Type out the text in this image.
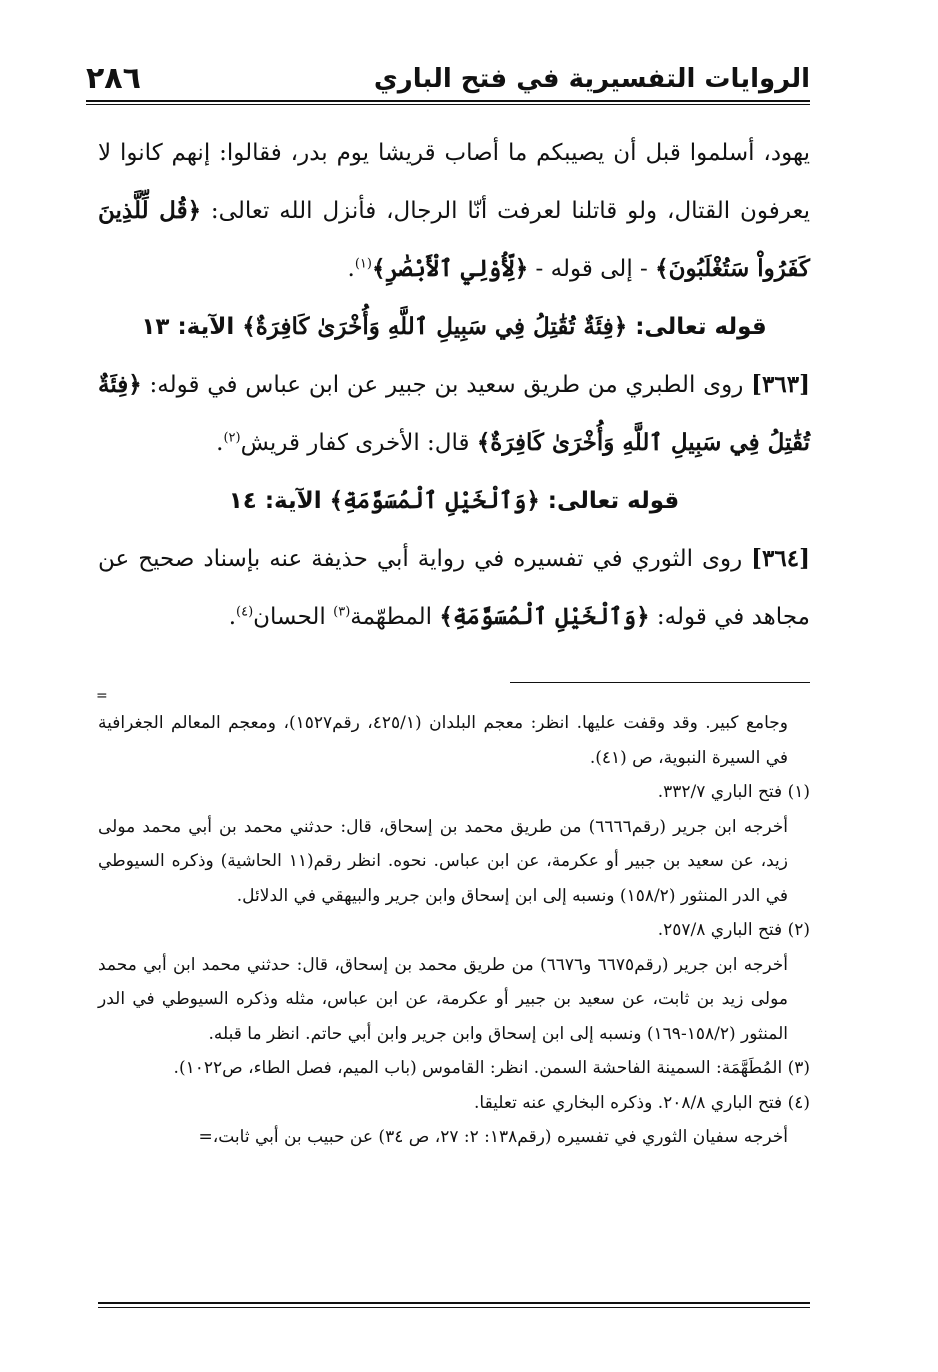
الروايات التفسيرية في فتح الباري
٢٨٦

يهود، أسلموا قبل أن يصيبكم ما أصاب قريشا يوم بدر، فقالوا: إنهم كانوا لا يعرفون القتال، ولو قاتلنا لعرفت أنّا الرجال، فأنزل الله تعالى: ﴿قُل لِّلَّذِينَ كَفَرُواْ سَتُغْلَبُونَ﴾ - إلى قوله - ﴿لِّأُوْلِي ٱلْأَبْصَٰرِ﴾$^{(١)}$.

قوله تعالى: ﴿فِئَةٌ تُقَٰتِلُ فِي سَبِيلِ ٱللَّهِ وَأُخْرَىٰ كَافِرَةٌ﴾ الآية: ١٣

[٣٦٣] روى الطبري من طريق سعيد بن جبير عن ابن عباس في قوله: ﴿فِئَةٌ تُقَٰتِلُ فِي سَبِيلِ ٱللَّهِ وَأُخْرَىٰ كَافِرَةٌ﴾ قال: الأخرى كفار قريش$^{(٢)}$.

قوله تعالى: ﴿وَٱلْخَيْلِ ٱلْمُسَوَّمَةِ﴾ الآية: ١٤

[٣٦٤] روى الثوري في تفسيره في رواية أبي حذيفة عنه بإسناد صحيح عن مجاهد في قوله: ﴿وَٱلْخَيْلِ ٱلْمُسَوَّمَةِ﴾ المطهّمة$^{(٣)}$ الحسان$^{(٤)}$.

=

وجامع كبير. وقد وقفت عليها. انظر: معجم البلدان (٤٢٥/١، رقم١٥٢٧)، ومعجم المعالم الجغرافية في السيرة النبوية، ص (٤١).

(١) فتح الباري ٣٣٢/٧.

أخرجه ابن جرير (رقم٦٦٦٦) من طريق محمد بن إسحاق، قال: حدثني محمد بن أبي محمد مولى زيد، عن سعيد بن جبير أو عكرمة، عن ابن عباس. نحوه. انظر رقم(١١ الحاشية) وذكره السيوطي في الدر المنثور (١٥٨/٢) ونسبه إلى ابن إسحاق وابن جرير والبيهقي في الدلائل.

(٢) فتح الباري ٢٥٧/٨.

أخرجه ابن جرير (رقم٦٦٧٥ و٦٦٧٦) من طريق محمد بن إسحاق، قال: حدثني محمد ابن أبي محمد مولى زيد بن ثابت، عن سعيد بن جبير أو عكرمة، عن ابن عباس، مثله وذكره السيوطي في الدر المنثور (١٥٨/٢-١٦٩) ونسبه إلى ابن إسحاق وابن جرير وابن أبي حاتم. انظر ما قبله.

(٣) المُطَهَّمَة: السمينة الفاحشة السمن. انظر: القاموس (باب الميم، فصل الطاء، ص١٠٢٢).

(٤) فتح الباري ٢٠٨/٨. وذكره البخاري عنه تعليقا.

أخرجه سفيان الثوري في تفسيره (رقم١٣٨: ٢: ٢٧، ص ٣٤) عن حبيب بن أبي ثابت،=
